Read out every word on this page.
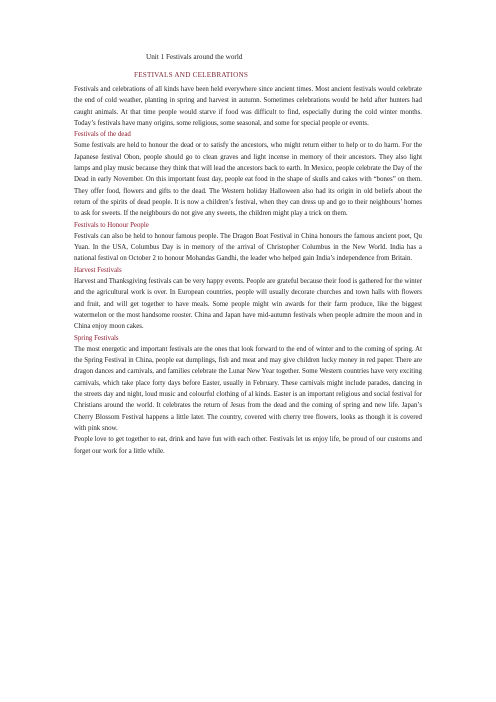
Unit 1 Festivals around the world
FESTIVALS AND CELEBRATIONS

Festivals and celebrations of all kinds have been held everywhere since ancient times. Most ancient festivals would celebrate the end of cold weather, planting in spring and harvest in autumn. Sometimes celebrations would be held after hunters had caught animals. At that time people would starve if food was difficult to find, especially during the cold winter months. Today’s festivals have many origins, some religious, some seasonal, and some for special people or events.

Festivals of the dead

Some festivals are held to honour the dead or to satisfy the ancestors, who might return either to help or to do harm. For the Japanese festival Obon, people should go to clean graves and light incense in memory of their ancestors. They also light lamps and play music because they think that will lead the ancestors back to earth. In Mexico, people celebrate the Day of the Dead in early November. On this important feast day, people eat food in the shape of skulls and cakes with “bones” on them. They offer food, flowers and gifts to the dead. The Western holiday Halloween also had its origin in old beliefs about the return of the spirits of dead people. It is now a children’s festival, when they can dress up and go to their neighbours’ homes to ask for sweets. If the neighbours do not give any sweets, the children might play a trick on them.

Festivals to Honour People

Festivals can also be held to honour famous people. The Dragon Boat Festival in China honours the famous ancient poet, Qu Yuan. In the USA, Columbus Day is in memory of the arrival of Christopher Columbus in the New World. India has a national festival on October 2 to honour Mohandas Gandhi, the leader who helped gain India’s independence from Britain.

Harvest Festivals

Harvest and Thanksgiving festivals can be very happy events. People are grateful because their food is gathered for the winter and the agricultural work is over. In European countries, people will usually decorate churches and town halls with flowers and fruit, and will get together to have meals. Some people might win awards for their farm produce, like the biggest watermelon or the most handsome rooster. China and Japan have mid-autumn festivals when people admire the moon and in China enjoy moon cakes.

Spring Festivals

The most energetic and important festivals are the ones that look forward to the end of winter and to the coming of spring. At the Spring Festival in China, people eat dumplings, fish and meat and may give children lucky money in red paper. There are dragon dances and carnivals, and families celebrate the Lunar New Year together. Some Western countries have very exciting carnivals, which take place forty days before Easter, usually in February. These carnivals might include parades, dancing in the streets day and night, loud music and colourful clothing of al kinds. Easter is an important religious and social festival for Christians around the world. It celebrates the return of Jesus from the dead and the coming of spring and new life. Japan’s Cherry Blossom Festival happens a little later. The country, covered with cherry tree flowers, looks as though it is covered with pink snow.

People love to get together to eat, drink and have fun with each other. Festivals let us enjoy life, be proud of our customs and forget our work for a little while.
